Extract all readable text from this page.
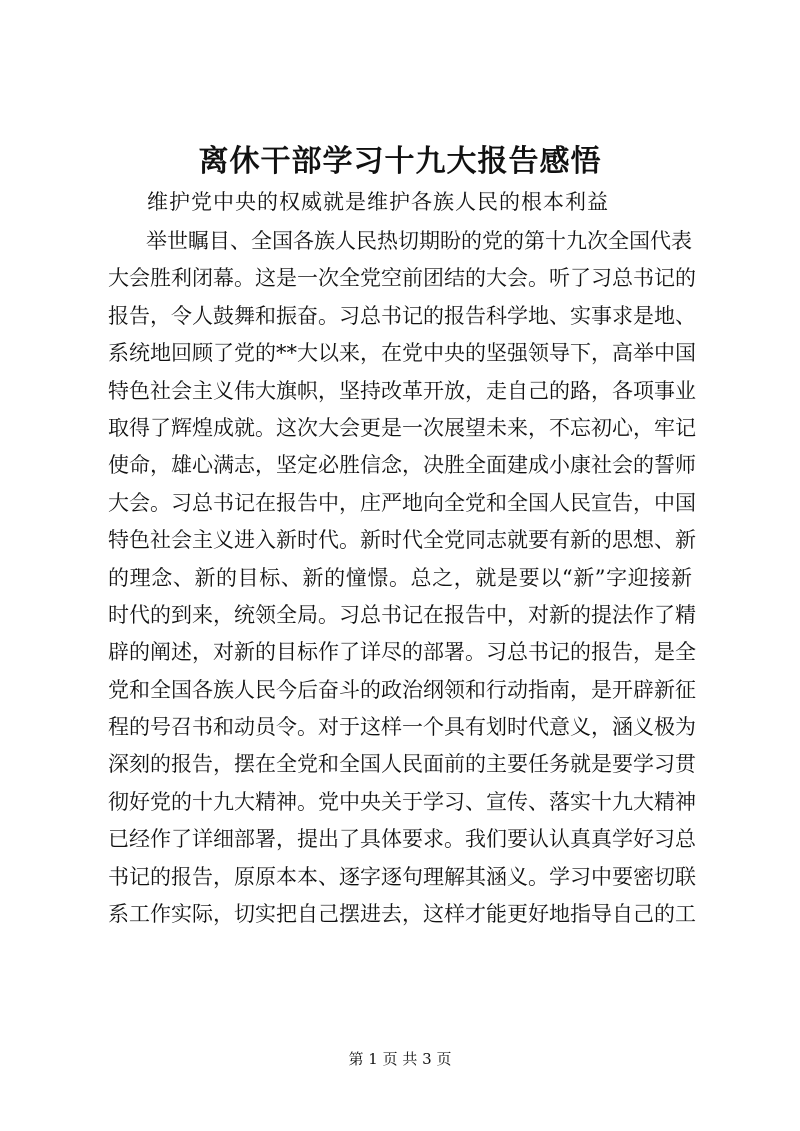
离休干部学习十九大报告感悟

维护党中央的权威就是维护各族人民的根本利益

举世瞩目、全国各族人民热切期盼的党的第十九次全国代表
大会胜利闭幕。这是一次全党空前团结的大会。听了习总书记的
报告，令人鼓舞和振奋。习总书记的报告科学地、实事求是地、
系统地回顾了党的**大以来，在党中央的坚强领导下，高举中国
特色社会主义伟大旗帜，坚持改革开放，走自己的路，各项事业
取得了辉煌成就。这次大会更是一次展望未来，不忘初心，牢记
使命，雄心满志，坚定必胜信念，决胜全面建成小康社会的誓师
大会。习总书记在报告中，庄严地向全党和全国人民宣告，中国
特色社会主义进入新时代。新时代全党同志就要有新的思想、新
的理念、新的目标、新的憧憬。总之，就是要以“新”字迎接新
时代的到来，统领全局。习总书记在报告中，对新的提法作了精
辟的阐述，对新的目标作了详尽的部署。习总书记的报告，是全
党和全国各族人民今后奋斗的政治纲领和行动指南，是开辟新征
程的号召书和动员令。对于这样一个具有划时代意义，涵义极为
深刻的报告，摆在全党和全国人民面前的主要任务就是要学习贯
彻好党的十九大精神。党中央关于学习、宣传、落实十九大精神
已经作了详细部署，提出了具体要求。我们要认认真真学好习总
书记的报告，原原本本、逐字逐句理解其涵义。学习中要密切联
系工作实际，切实把自己摆进去，这样才能更好地指导自己的工

第 1 页 共 3 页
